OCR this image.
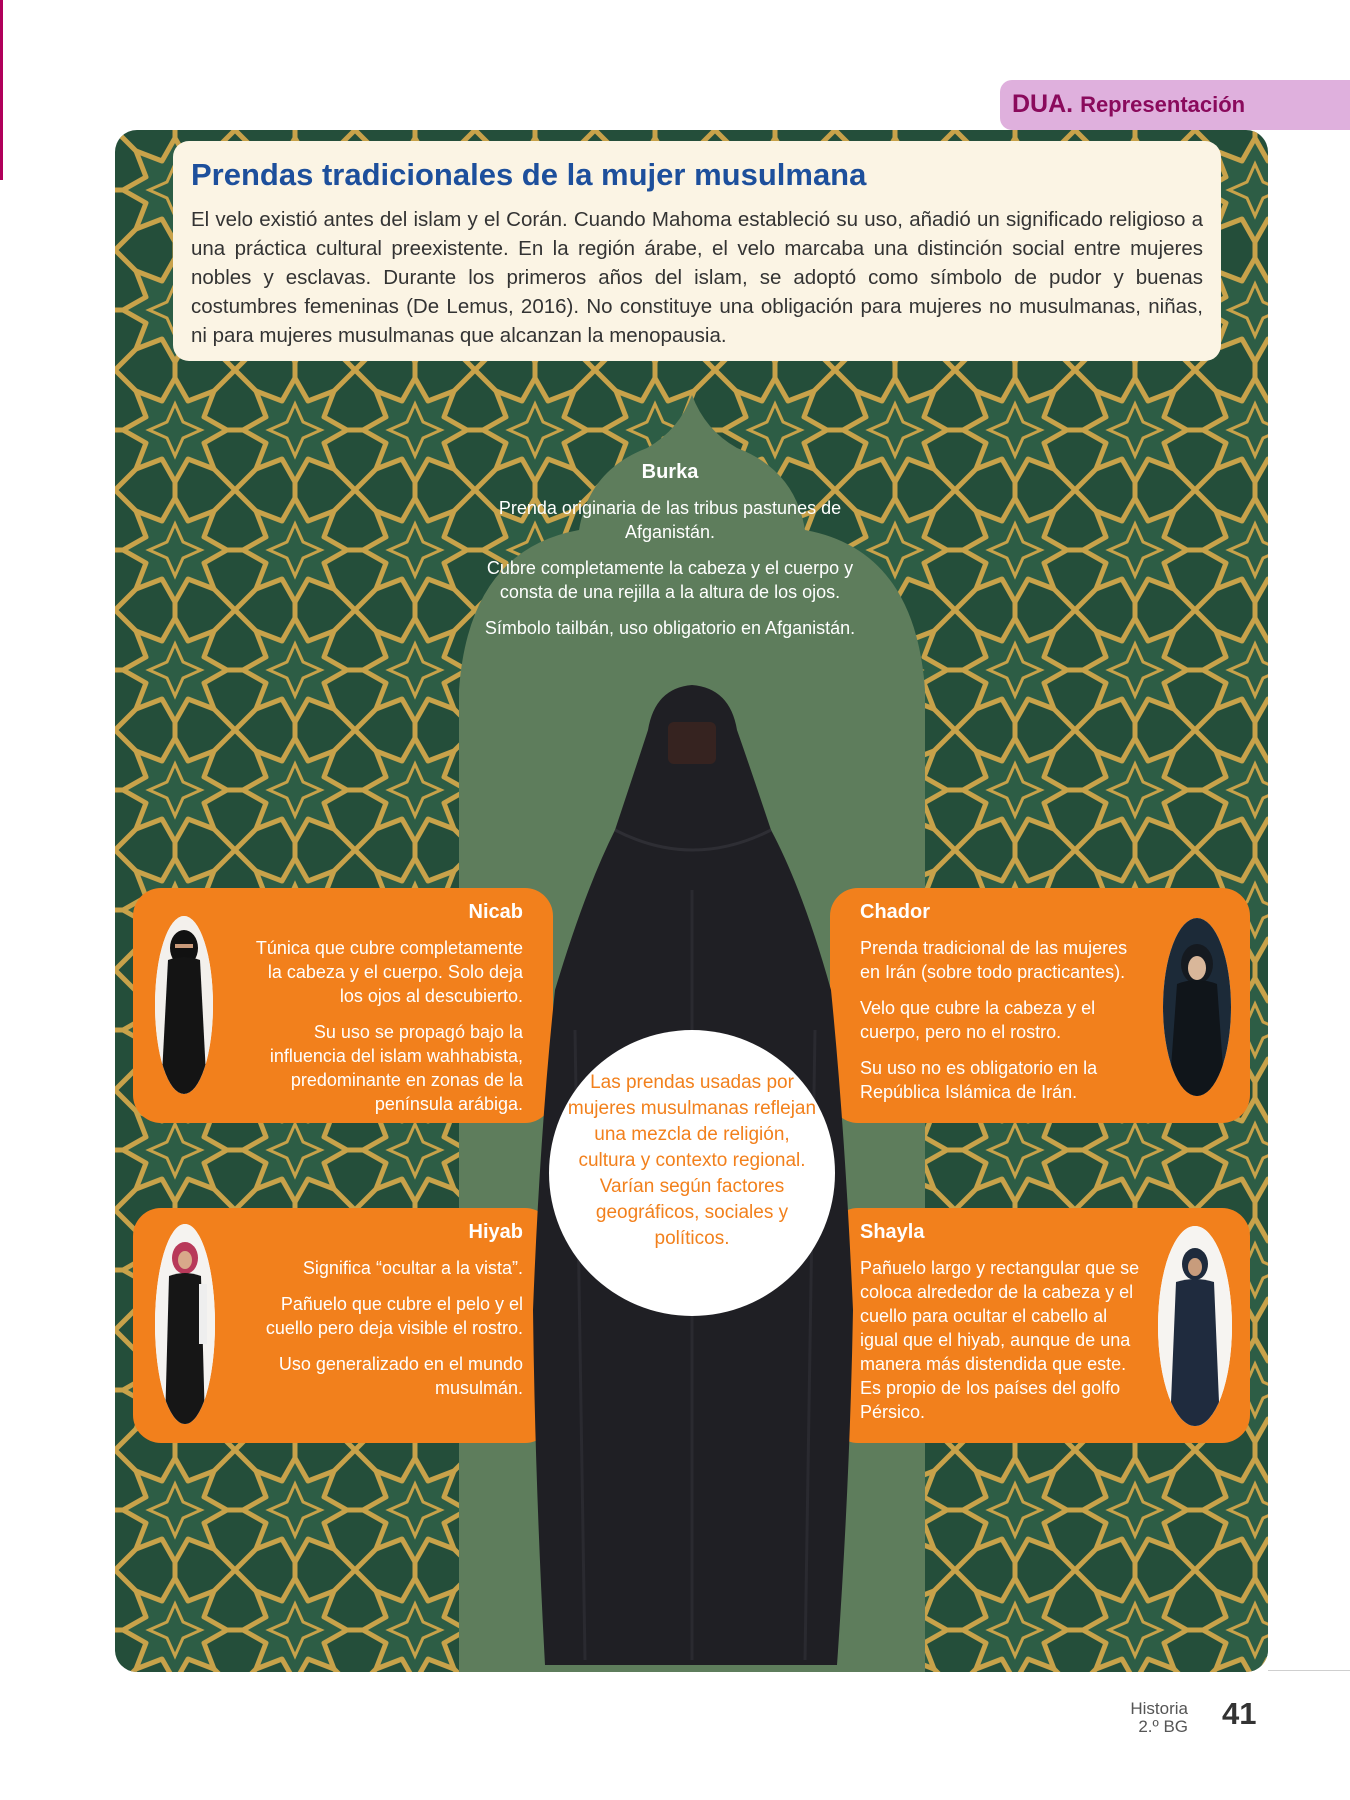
DUA. Representación
Prendas tradicionales de la mujer musulmana

El velo existió antes del islam y el Corán. Cuando Mahoma estableció su uso, añadió un significado religioso a una práctica cultural preexistente. En la región árabe, el velo marcaba una distinción social entre mujeres nobles y esclavas. Durante los primeros años del islam, se adoptó como símbolo de pudor y buenas costumbres femeninas (De Lemus, 2016). No constituye una obligación para mujeres no musulmanas, niñas, ni para mujeres musulmanas que alcanzan la menopausia.

Burka

Prenda originaria de las tribus pastunes de Afganistán.

Cubre completamente la cabeza y el cuerpo y consta de una rejilla a la altura de los ojos.

Símbolo tailbán, uso obligatorio en Afganistán.

Nicab

Túnica que cubre completamente la cabeza y el cuerpo. Solo deja los ojos al descubierto.

Su uso se propagó bajo la influencia del islam wahhabista, predominante en zonas de la península arábiga.

Hiyab

Significa “ocultar a la vista”.

Pañuelo que cubre el pelo y el cuello pero deja visible el rostro.

Uso generalizado en el mundo musulmán.

Chador

Prenda tradicional de las mujeres en Irán (sobre todo practicantes).

Velo que cubre la cabeza y el cuerpo, pero no el rostro.

Su uso no es obligatorio en la República Islámica de Irán.

Shayla

Pañuelo largo y rectangular que se coloca alrededor de la cabeza y el cuello para ocultar el cabello al igual que el hiyab, aunque de una manera más distendida que este.

Es propio de los países del golfo Pérsico.

Las prendas usadas por mujeres musulmanas reflejan una mezcla de religión, cultura y contexto regional. Varían según factores geográficos, sociales y políticos.
Historia
2.º BG 41
